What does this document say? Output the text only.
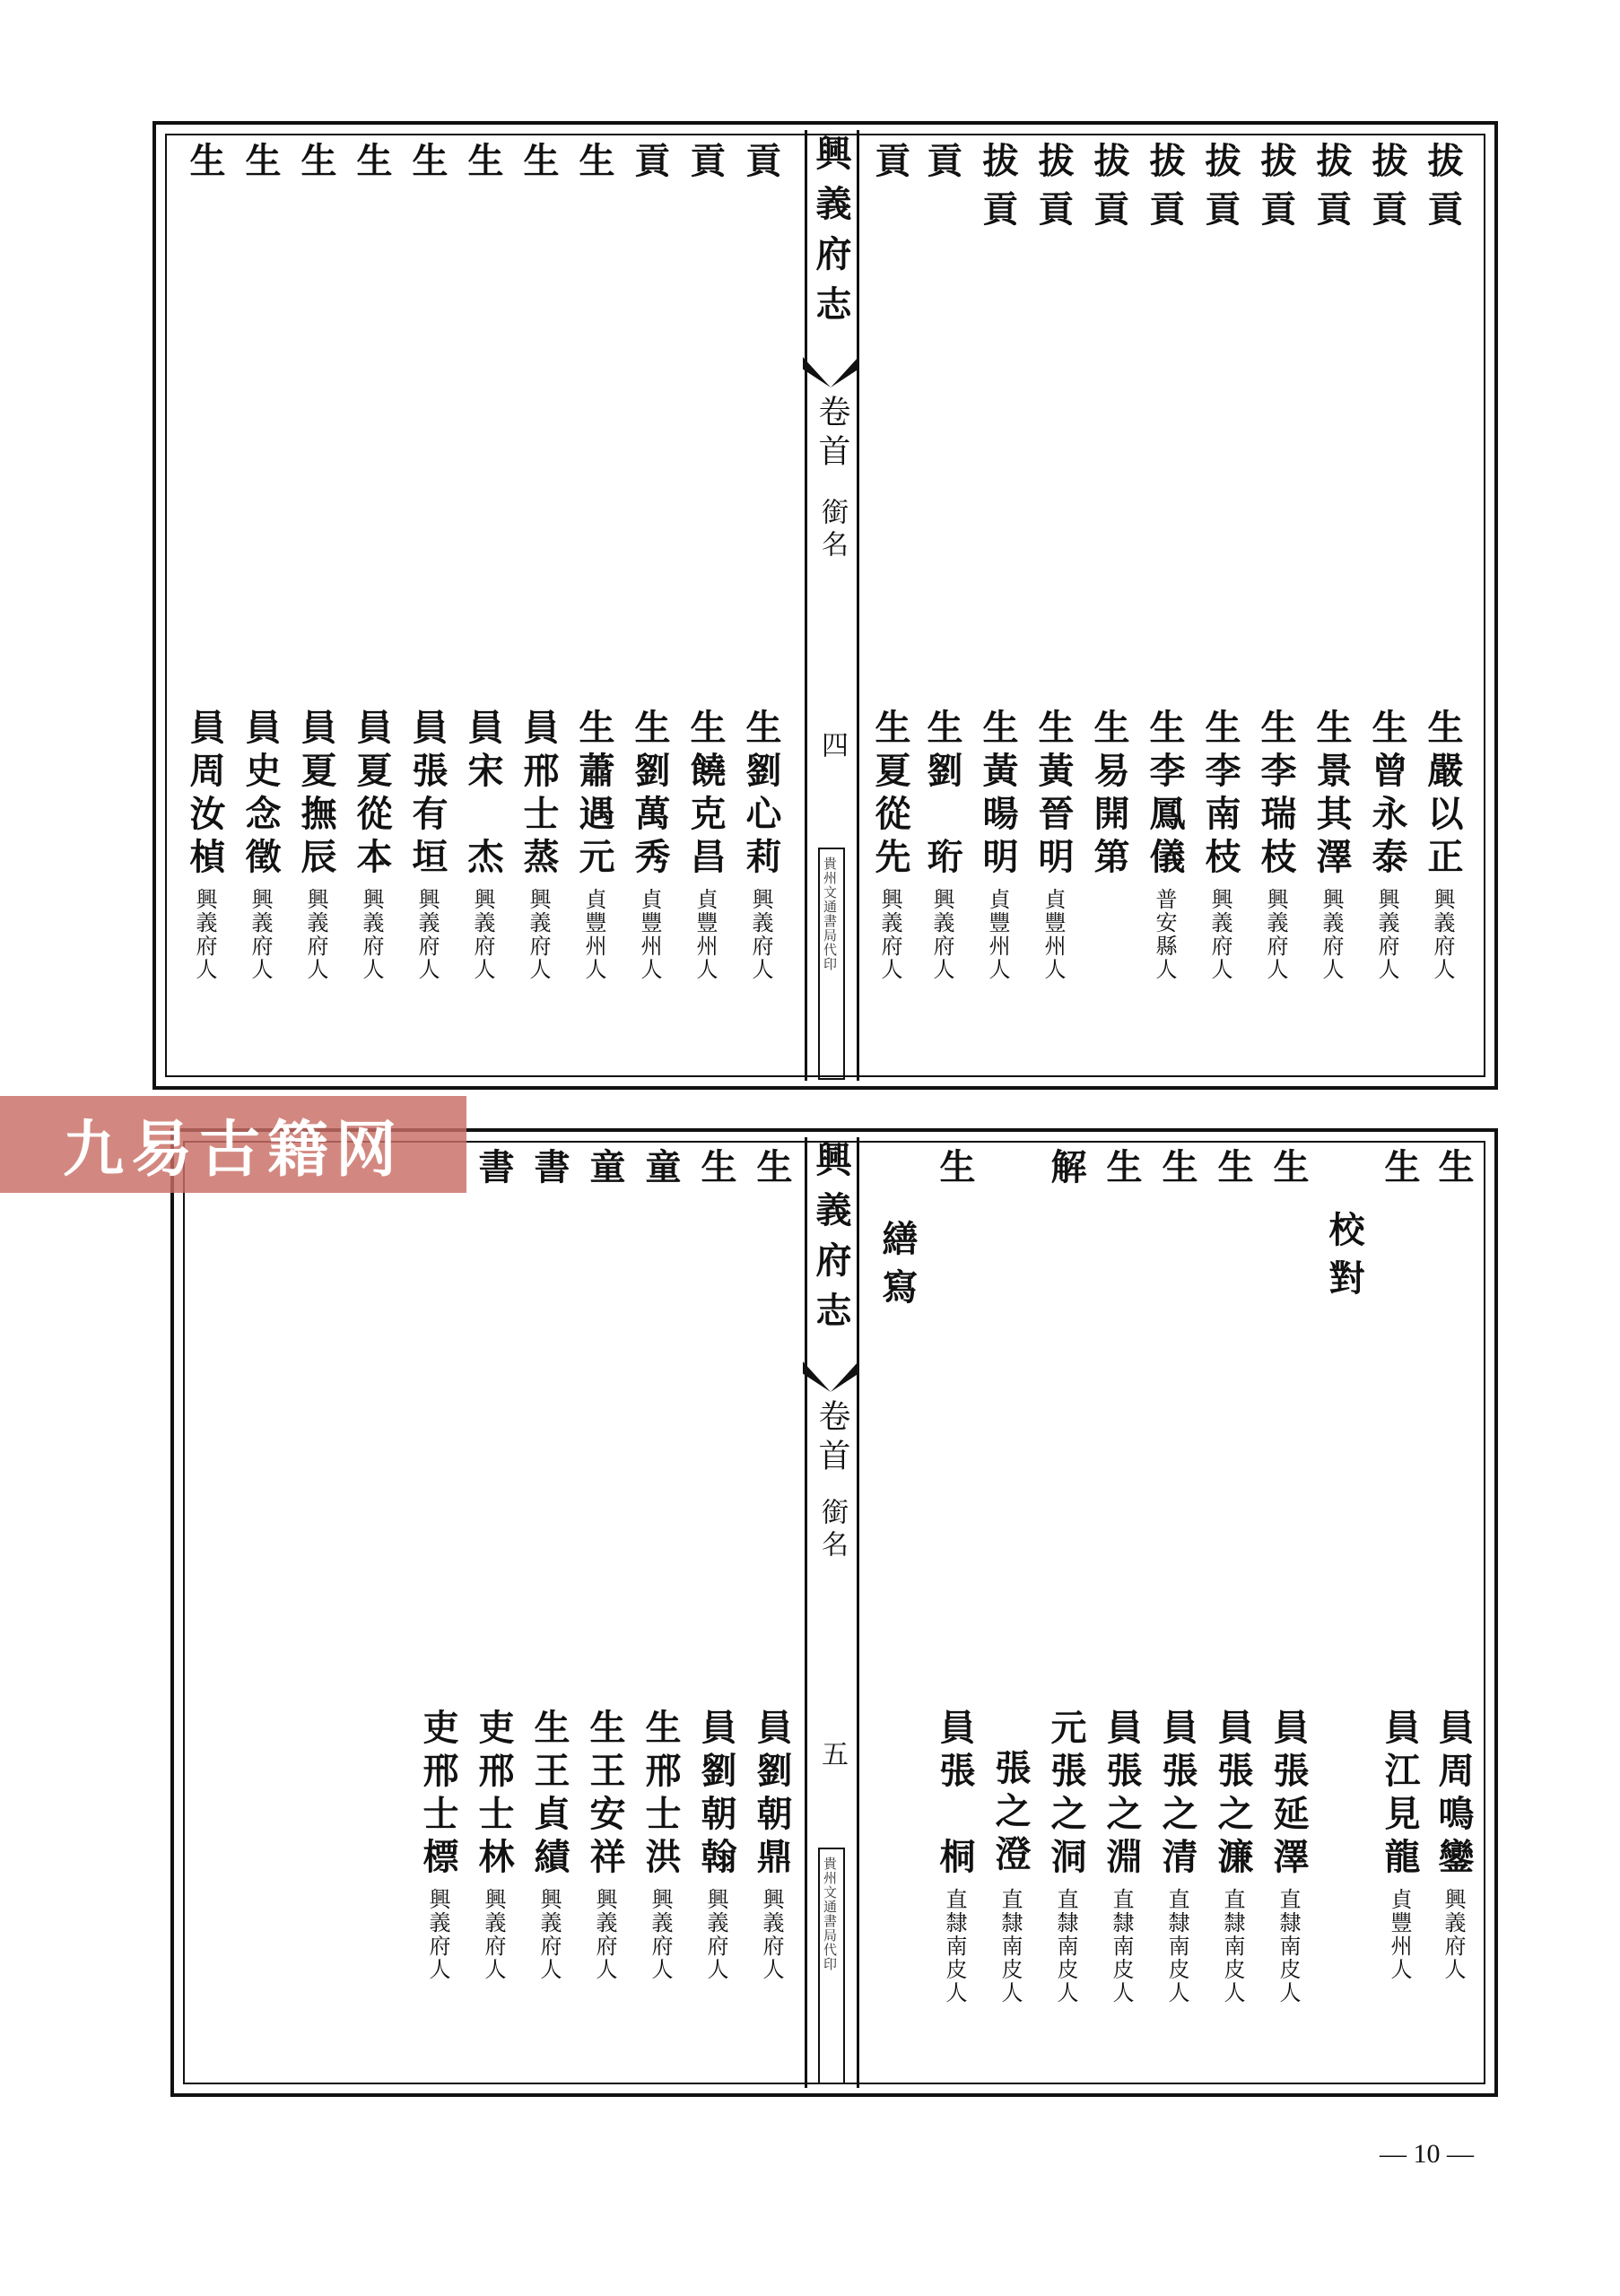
興義府志
卷首
銜名
四
貴州文通書局代印
拔貢
拔貢
拔貢
拔貢
拔貢
拔貢
拔貢
拔貢
拔貢
貢
貢
生嚴以正
興義府人
生曾永泰
興義府人
生景其澤
興義府人
生李瑞枝
興義府人
生李南枝
興義府人
生李鳳儀
普安縣人
生易開第
生黃晉明
貞豐州人
生黃暘明
貞豐州人
生劉　珩
興義府人
生夏從先
興義府人
貢
貢
貢
生
生
生
生
生
生
生
生
生劉心莉
興義府人
生饒克昌
貞豐州人
生劉萬秀
貞豐州人
生蕭遇元
貞豐州人
員邢士蒸
興義府人
員宋　杰
興義府人
員張有垣
興義府人
員夏從本
興義府人
員夏撫辰
興義府人
員史念徵
興義府人
員周汝楨
興義府人
興義府志
卷首
銜名
五
貴州文通書局代印
生
生
生
生
生
生
解
生
校對
繕寫
員周鳴鑾
興義府人
員江見龍
貞豐州人
員張延澤
直隸南皮人
員張之濂
直隸南皮人
員張之清
直隸南皮人
員張之淵
直隸南皮人
元張之洞
直隸南皮人
張之澄
直隸南皮人
員張　桐
直隸南皮人
生
生
童
童
書
書
員劉朝鼎
興義府人
員劉朝翰
興義府人
生邢士洪
興義府人
生王安祥
興義府人
生王貞績
興義府人
吏邢士林
興義府人
吏邢士標
興義府人
九易古籍网
— 10 —
